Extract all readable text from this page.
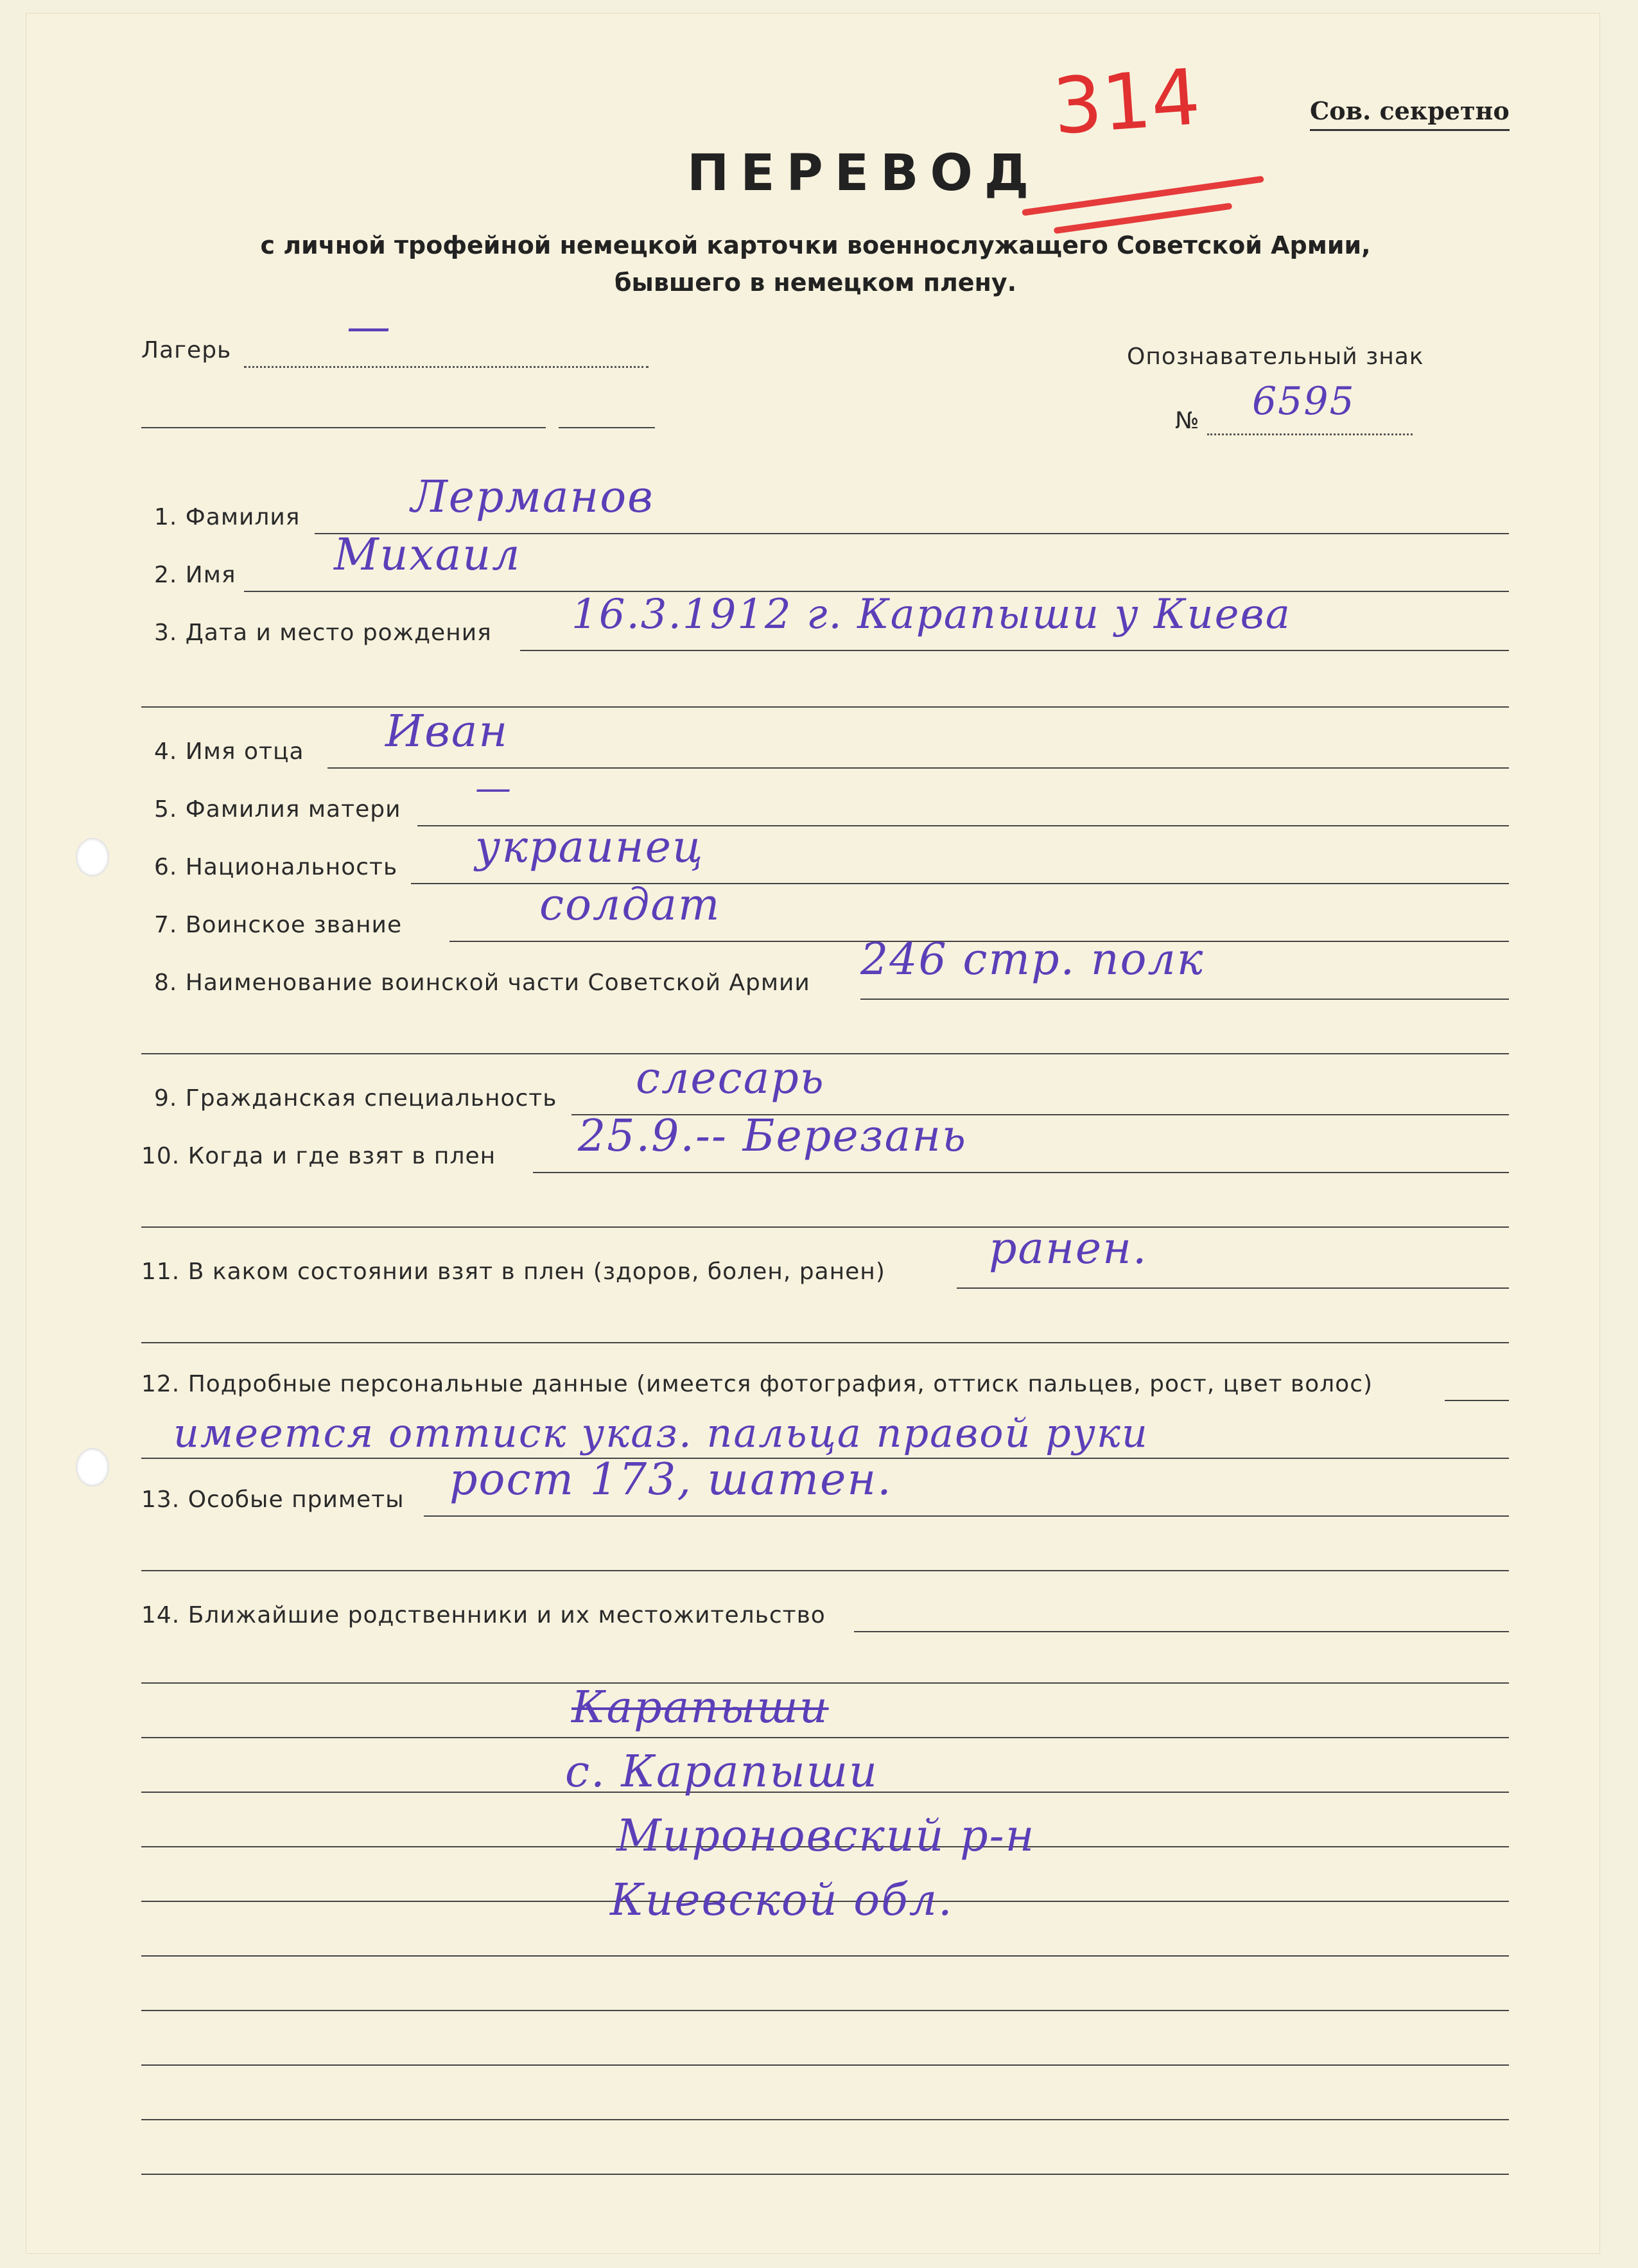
314	Сов. секретно
ПЕРЕВОД
с личной трофейной немецкой карточки военнослужащего Советской Армии,
бывшего в немецком плену.
Лагерь	—
Опознавательный знак
№ 6595
1. Фамилия	Лерманов
2. Имя Михаил
3. Дата и место рождения 16.3.1912 г. Карапыши у Киева
4. Имя отца Иван
5. Фамилия матери
—
6. Национальность украинец
7. Воинское звание	солдат
8. Наименование воинской части Советской Армии 246 стр. полк
9. Гражданская специальность слесарь
10. Когда и где взят в плен 25.9.-- Березань
11. В каком состоянии взят в плен (здоров, болен, ранен) ранен.
12. Подробные персональные данные (имеется фотография, оттиск пальцев, рост, цвет волос)
имеется оттиск указ. пальца правой руки
13. Особые приметы рост 173, шатен.
14. Ближайшие родственники и их местожительство
Карапыши
с. Карапыши
Мироновский р-н
Киевской обл.
